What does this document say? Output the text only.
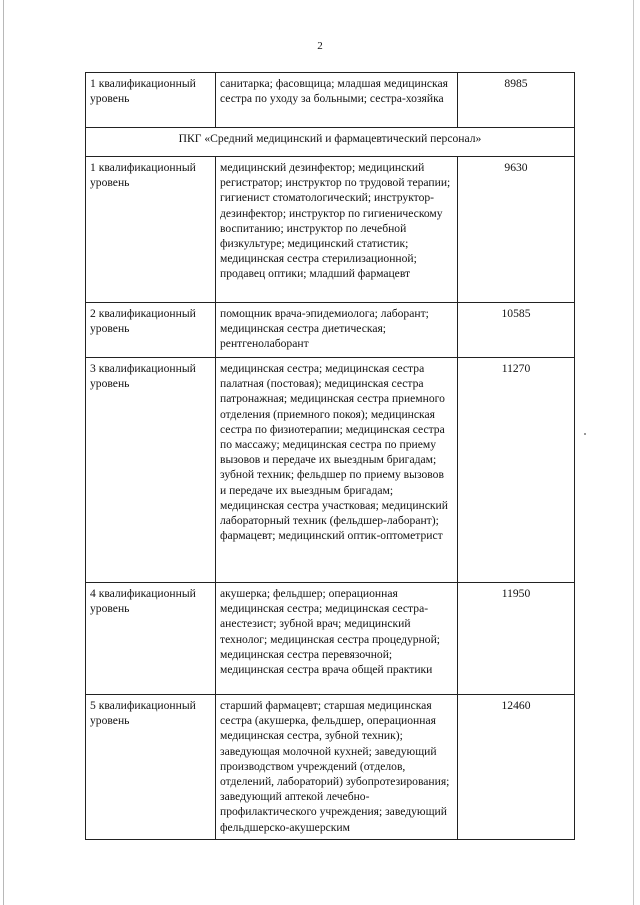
2
1 квалификационный уровень	санитарка; фасовщица; младшая медицинская сестра по уходу за больными; сестра-хозяйка	8985
ПКГ «Средний медицинский и фармацевтический персонал»		
1 квалификационный уровень	медицинский дезинфектор; медицинский регистратор; инструктор по трудовой терапии; гигиенист стоматологический; инструктор-дезинфектор; инструктор по гигиеническому воспитанию; инструктор по лечебной физкультуре; медицинский статистик; медицинская сестра стерилизационной; продавец оптики; младший фармацевт	9630
2 квалификационный уровень	помощник врача-эпидемиолога; лаборант; медицинская сестра диетическая; рентгенолаборант	10585
3 квалификационный уровень	медицинская сестра; медицинская сестра палатная (постовая); медицинская сестра патронажная; медицинская сестра приемного отделения (приемного покоя); медицинская сестра по физиотерапии; медицинская сестра по массажу; медицинская сестра по приему вызовов и передаче их выездным бригадам; зубной техник; фельдшер по приему вызовов и передаче их выездным бригадам; медицинская сестра участковая; медицинский лабораторный техник (фельдшер-лаборант); фармацевт; медицинский оптик-оптометрист	11270
4 квалификационный уровень	акушерка; фельдшер; операционная медицинская сестра; медицинская сестра-анестезист; зубной врач; медицинский технолог; медицинская сестра процедурной; медицинская сестра перевязочной; медицинская сестра врача общей практики	11950
5 квалификационный уровень	старший фармацевт; старшая медицинская сестра (акушерка, фельдшер, операционная медицинская сестра, зубной техник); заведующая молочной кухней; заведующий производством учреждений (отделов, отделений, лабораторий) зубопротезирования; заведующий аптекой лечебно-профилактического учреждения; заведующий фельдшерско-акушерским	12460
